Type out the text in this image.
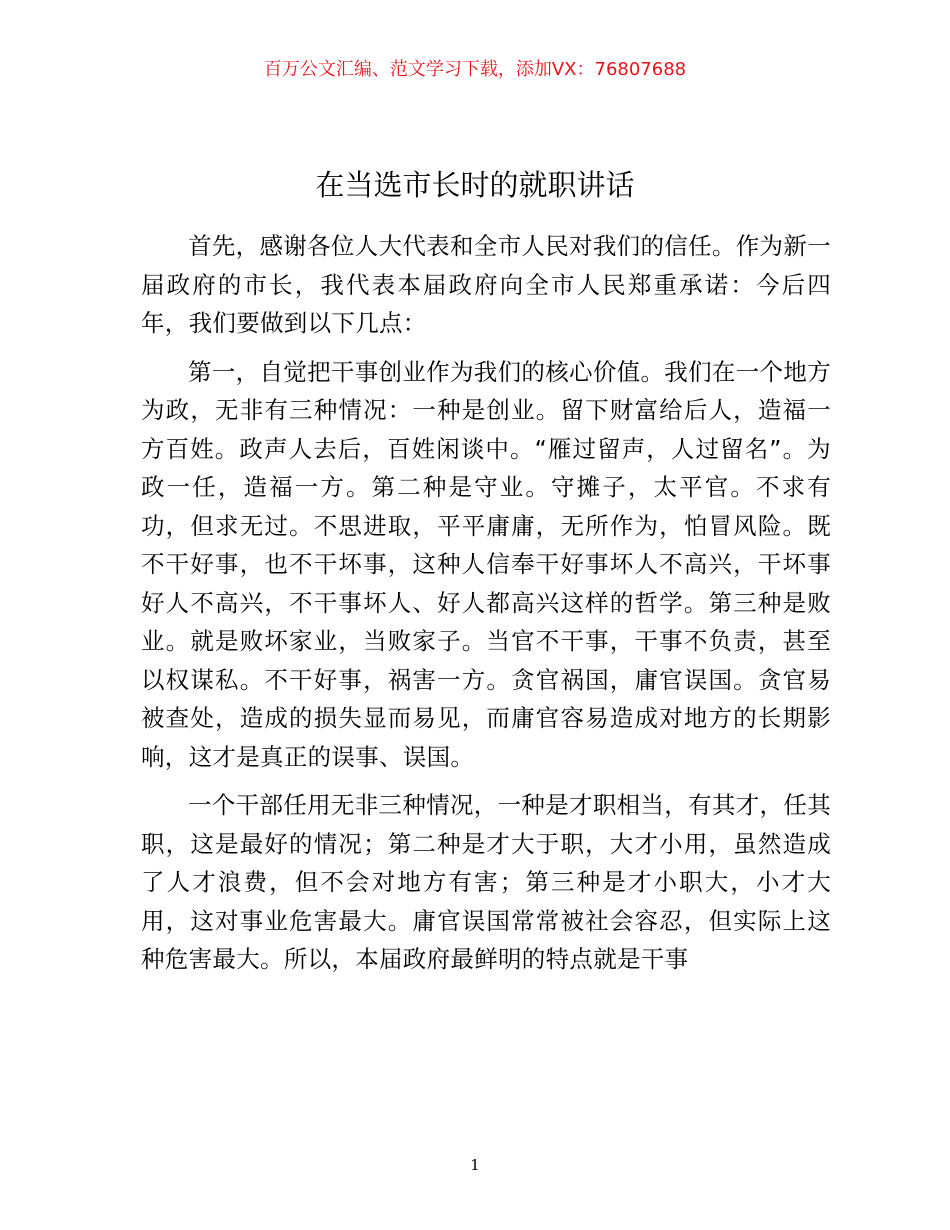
百万公文汇编、范文学习下载，添加VX：76807688
在当选市长时的就职讲话

首先，感谢各位人大代表和全市人民对我们的信任。作为新一届政府的市长，我代表本届政府向全市人民郑重承诺：今后四年，我们要做到以下几点：

第一，自觉把干事创业作为我们的核心价值。我们在一个地方为政，无非有三种情况：一种是创业。留下财富给后人，造福一方百姓。政声人去后，百姓闲谈中。“雁过留声，人过留名”。为政一任，造福一方。第二种是守业。守摊子，太平官。不求有功，但求无过。不思进取，平平庸庸，无所作为，怕冒风险。既不干好事，也不干坏事，这种人信奉干好事坏人不高兴，干坏事好人不高兴，不干事坏人、好人都高兴这样的哲学。第三种是败业。就是败坏家业，当败家子。当官不干事，干事不负责，甚至以权谋私。不干好事，祸害一方。贪官祸国，庸官误国。贪官易被查处，造成的损失显而易见，而庸官容易造成对地方的长期影响，这才是真正的误事、误国。

一个干部任用无非三种情况，一种是才职相当，有其才，任其职，这是最好的情况；第二种是才大于职，大才小用，虽然造成了人才浪费，但不会对地方有害；第三种是才小职大，小才大用，这对事业危害最大。庸官误国常常被社会容忍，但实际上这种危害最大。所以，本届政府最鲜明的特点就是干事

1
